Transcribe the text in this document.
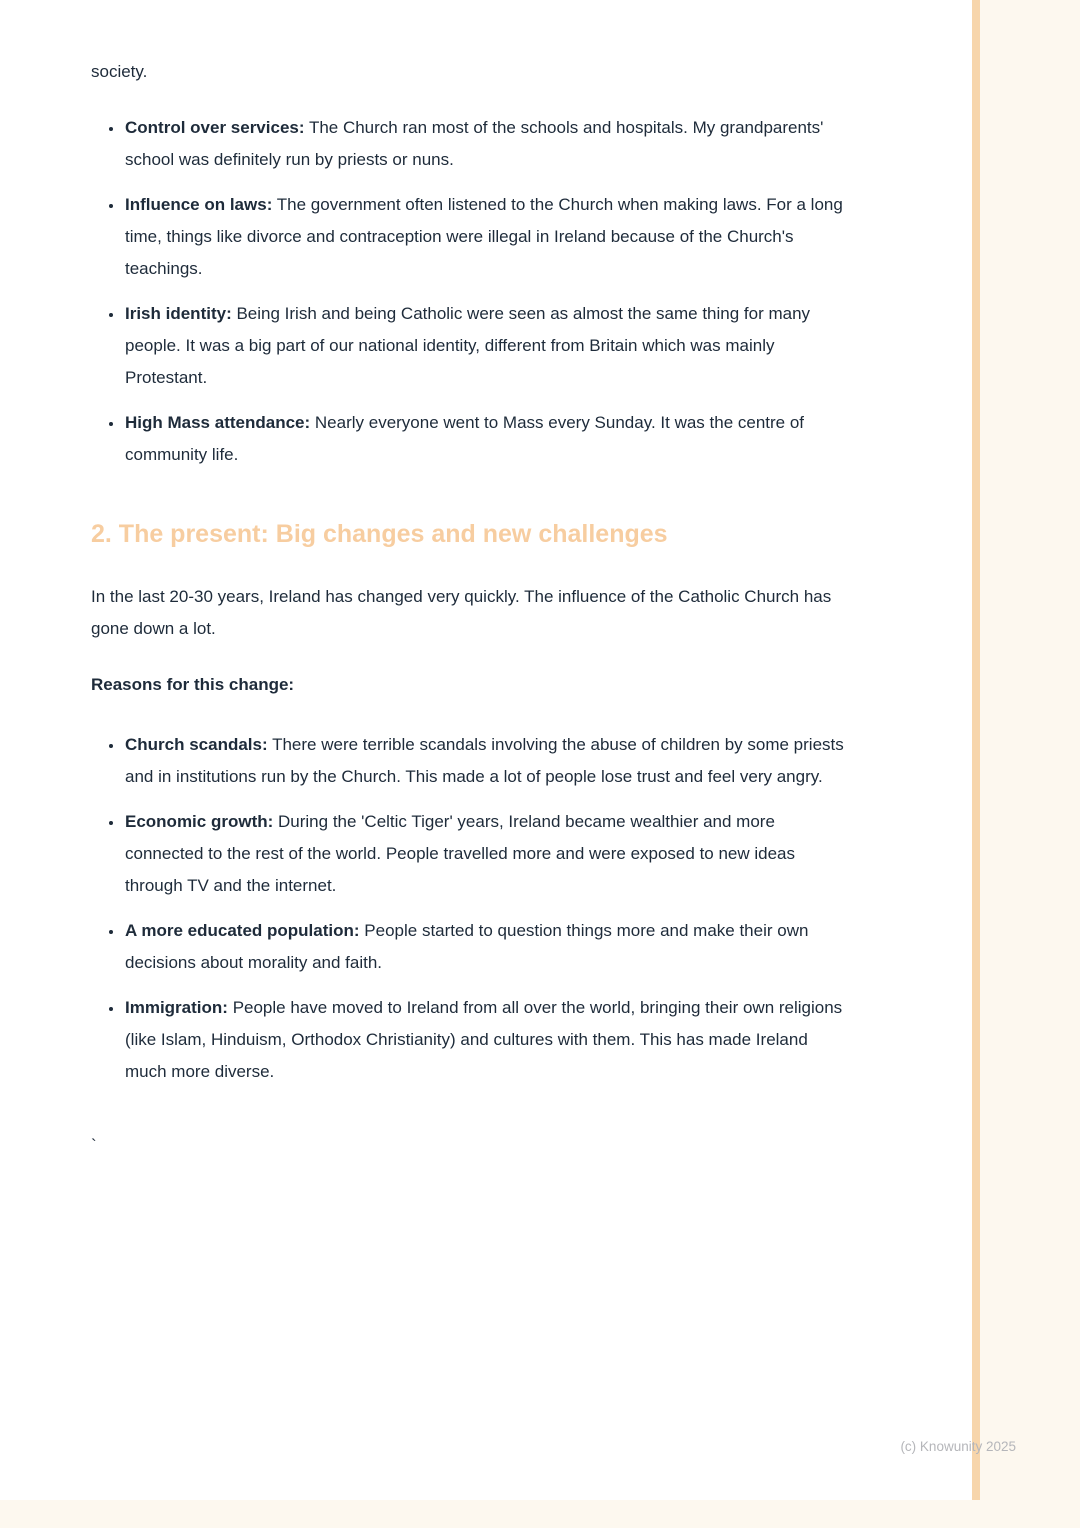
society.

• Control over services: The Church ran most of the schools and hospitals. My grandparents' school was definitely run by priests or nuns.
• Influence on laws: The government often listened to the Church when making laws. For a long time, things like divorce and contraception were illegal in Ireland because of the Church's teachings.
• Irish identity: Being Irish and being Catholic were seen as almost the same thing for many people. It was a big part of our national identity, different from Britain which was mainly Protestant.
• High Mass attendance: Nearly everyone went to Mass every Sunday. It was the centre of community life.
2. The present: Big changes and new challenges

In the last 20-30 years, Ireland has changed very quickly. The influence of the Catholic Church has gone down a lot.

Reasons for this change:

• Church scandals: There were terrible scandals involving the abuse of children by some priests and in institutions run by the Church. This made a lot of people lose trust and feel very angry.
• Economic growth: During the 'Celtic Tiger' years, Ireland became wealthier and more connected to the rest of the world. People travelled more and were exposed to new ideas through TV and the internet.
• A more educated population: People started to question things more and make their own decisions about morality and faith.
• Immigration: People have moved to Ireland from all over the world, bringing their own religions (like Islam, Hinduism, Orthodox Christianity) and cultures with them. This has made Ireland much more diverse.

`

(c) Knowunity 2025
